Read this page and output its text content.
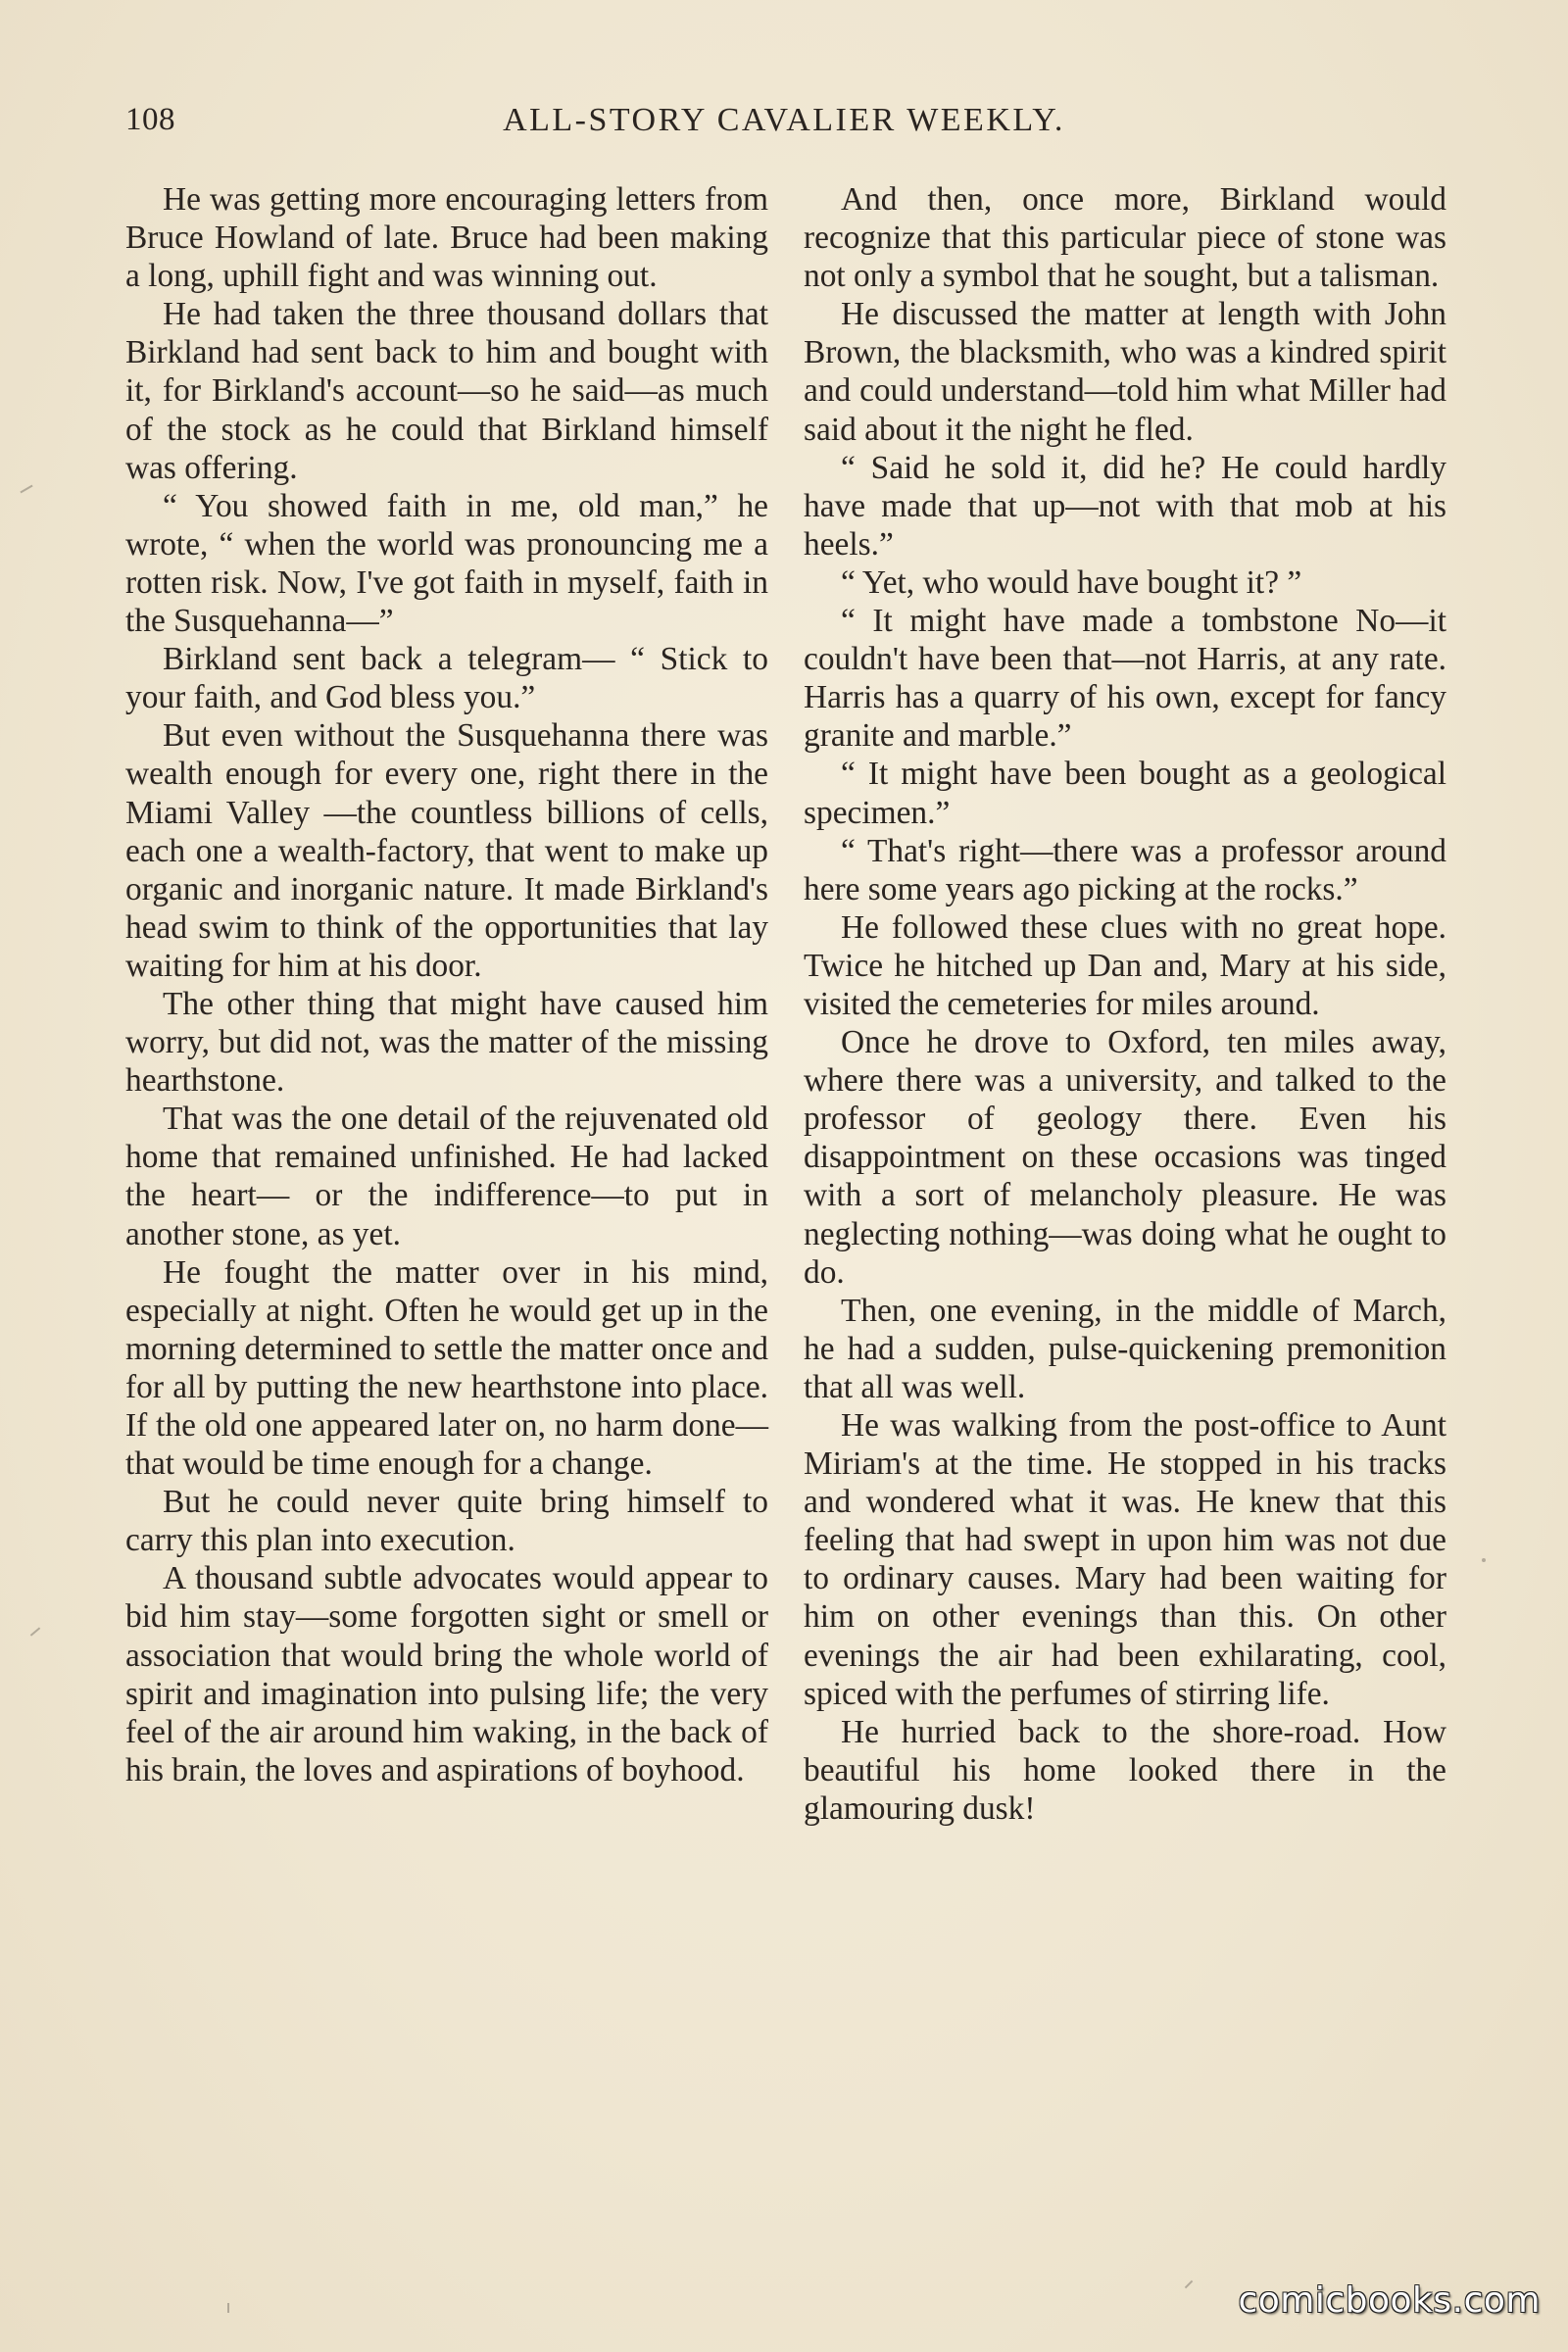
108	ALL-STORY CAVALIER WEEKLY.

He was getting more encouraging letters from Bruce Howland of late. Bruce had been making a long, uphill fight and was winning out.

He had taken the three thousand dollars that Birkland had sent back to him and bought with it, for Birkland's account—so he said—as much of the stock as he could that Birkland himself was offering.

“ You showed faith in me, old man,” he wrote, “ when the world was pronouncing me a rotten risk. Now, I've got faith in myself, faith in the Susquehanna—”

Birkland sent back a telegram— “ Stick to your faith, and God bless you.”

But even without the Susquehanna there was wealth enough for every one, right there in the Miami Valley —the countless billions of cells, each one a wealth-factory, that went to make up organic and inorganic nature. It made Birkland's head swim to think of the opportunities that lay waiting for him at his door.

The other thing that might have caused him worry, but did not, was the matter of the missing hearthstone.

That was the one detail of the rejuvenated old home that remained unfinished. He had lacked the heart— or the indifference—to put in another stone, as yet.

He fought the matter over in his mind, especially at night. Often he would get up in the morning determined to settle the matter once and for all by putting the new hearthstone into place. If the old one appeared later on, no harm done—that would be time enough for a change.

But he could never quite bring himself to carry this plan into execution.

A thousand subtle advocates would appear to bid him stay—some forgotten sight or smell or association that would bring the whole world of spirit and imagination into pulsing life; the very feel of the air around him waking, in the back of his brain, the loves and aspirations of boyhood.

And then, once more, Birkland would recognize that this particular piece of stone was not only a symbol that he sought, but a talisman.

He discussed the matter at length with John Brown, the blacksmith, who was a kindred spirit and could understand—told him what Miller had said about it the night he fled.

“ Said he sold it, did he? He could hardly have made that up—not with that mob at his heels.”

“ Yet, who would have bought it? ”

“ It might have made a tombstone No—it couldn't have been that—not Harris, at any rate. Harris has a quarry of his own, except for fancy granite and marble.”

“ It might have been bought as a geological specimen.”

“ That's right—there was a professor around here some years ago picking at the rocks.”

He followed these clues with no great hope. Twice he hitched up Dan and, Mary at his side, visited the cemeteries for miles around.

Once he drove to Oxford, ten miles away, where there was a university, and talked to the professor of geology there. Even his disappointment on these occasions was tinged with a sort of melancholy pleasure. He was neglecting nothing—was doing what he ought to do.

Then, one evening, in the middle of March, he had a sudden, pulse-quickening premonition that all was well.

He was walking from the post-office to Aunt Miriam's at the time. He stopped in his tracks and wondered what it was. He knew that this feeling that had swept in upon him was not due to ordinary causes. Mary had been waiting for him on other evenings than this. On other evenings the air had been exhilarating, cool, spiced with the perfumes of stirring life.

He hurried back to the shore-road. How beautiful his home looked there in the glamouring dusk!

comicbooks.com
